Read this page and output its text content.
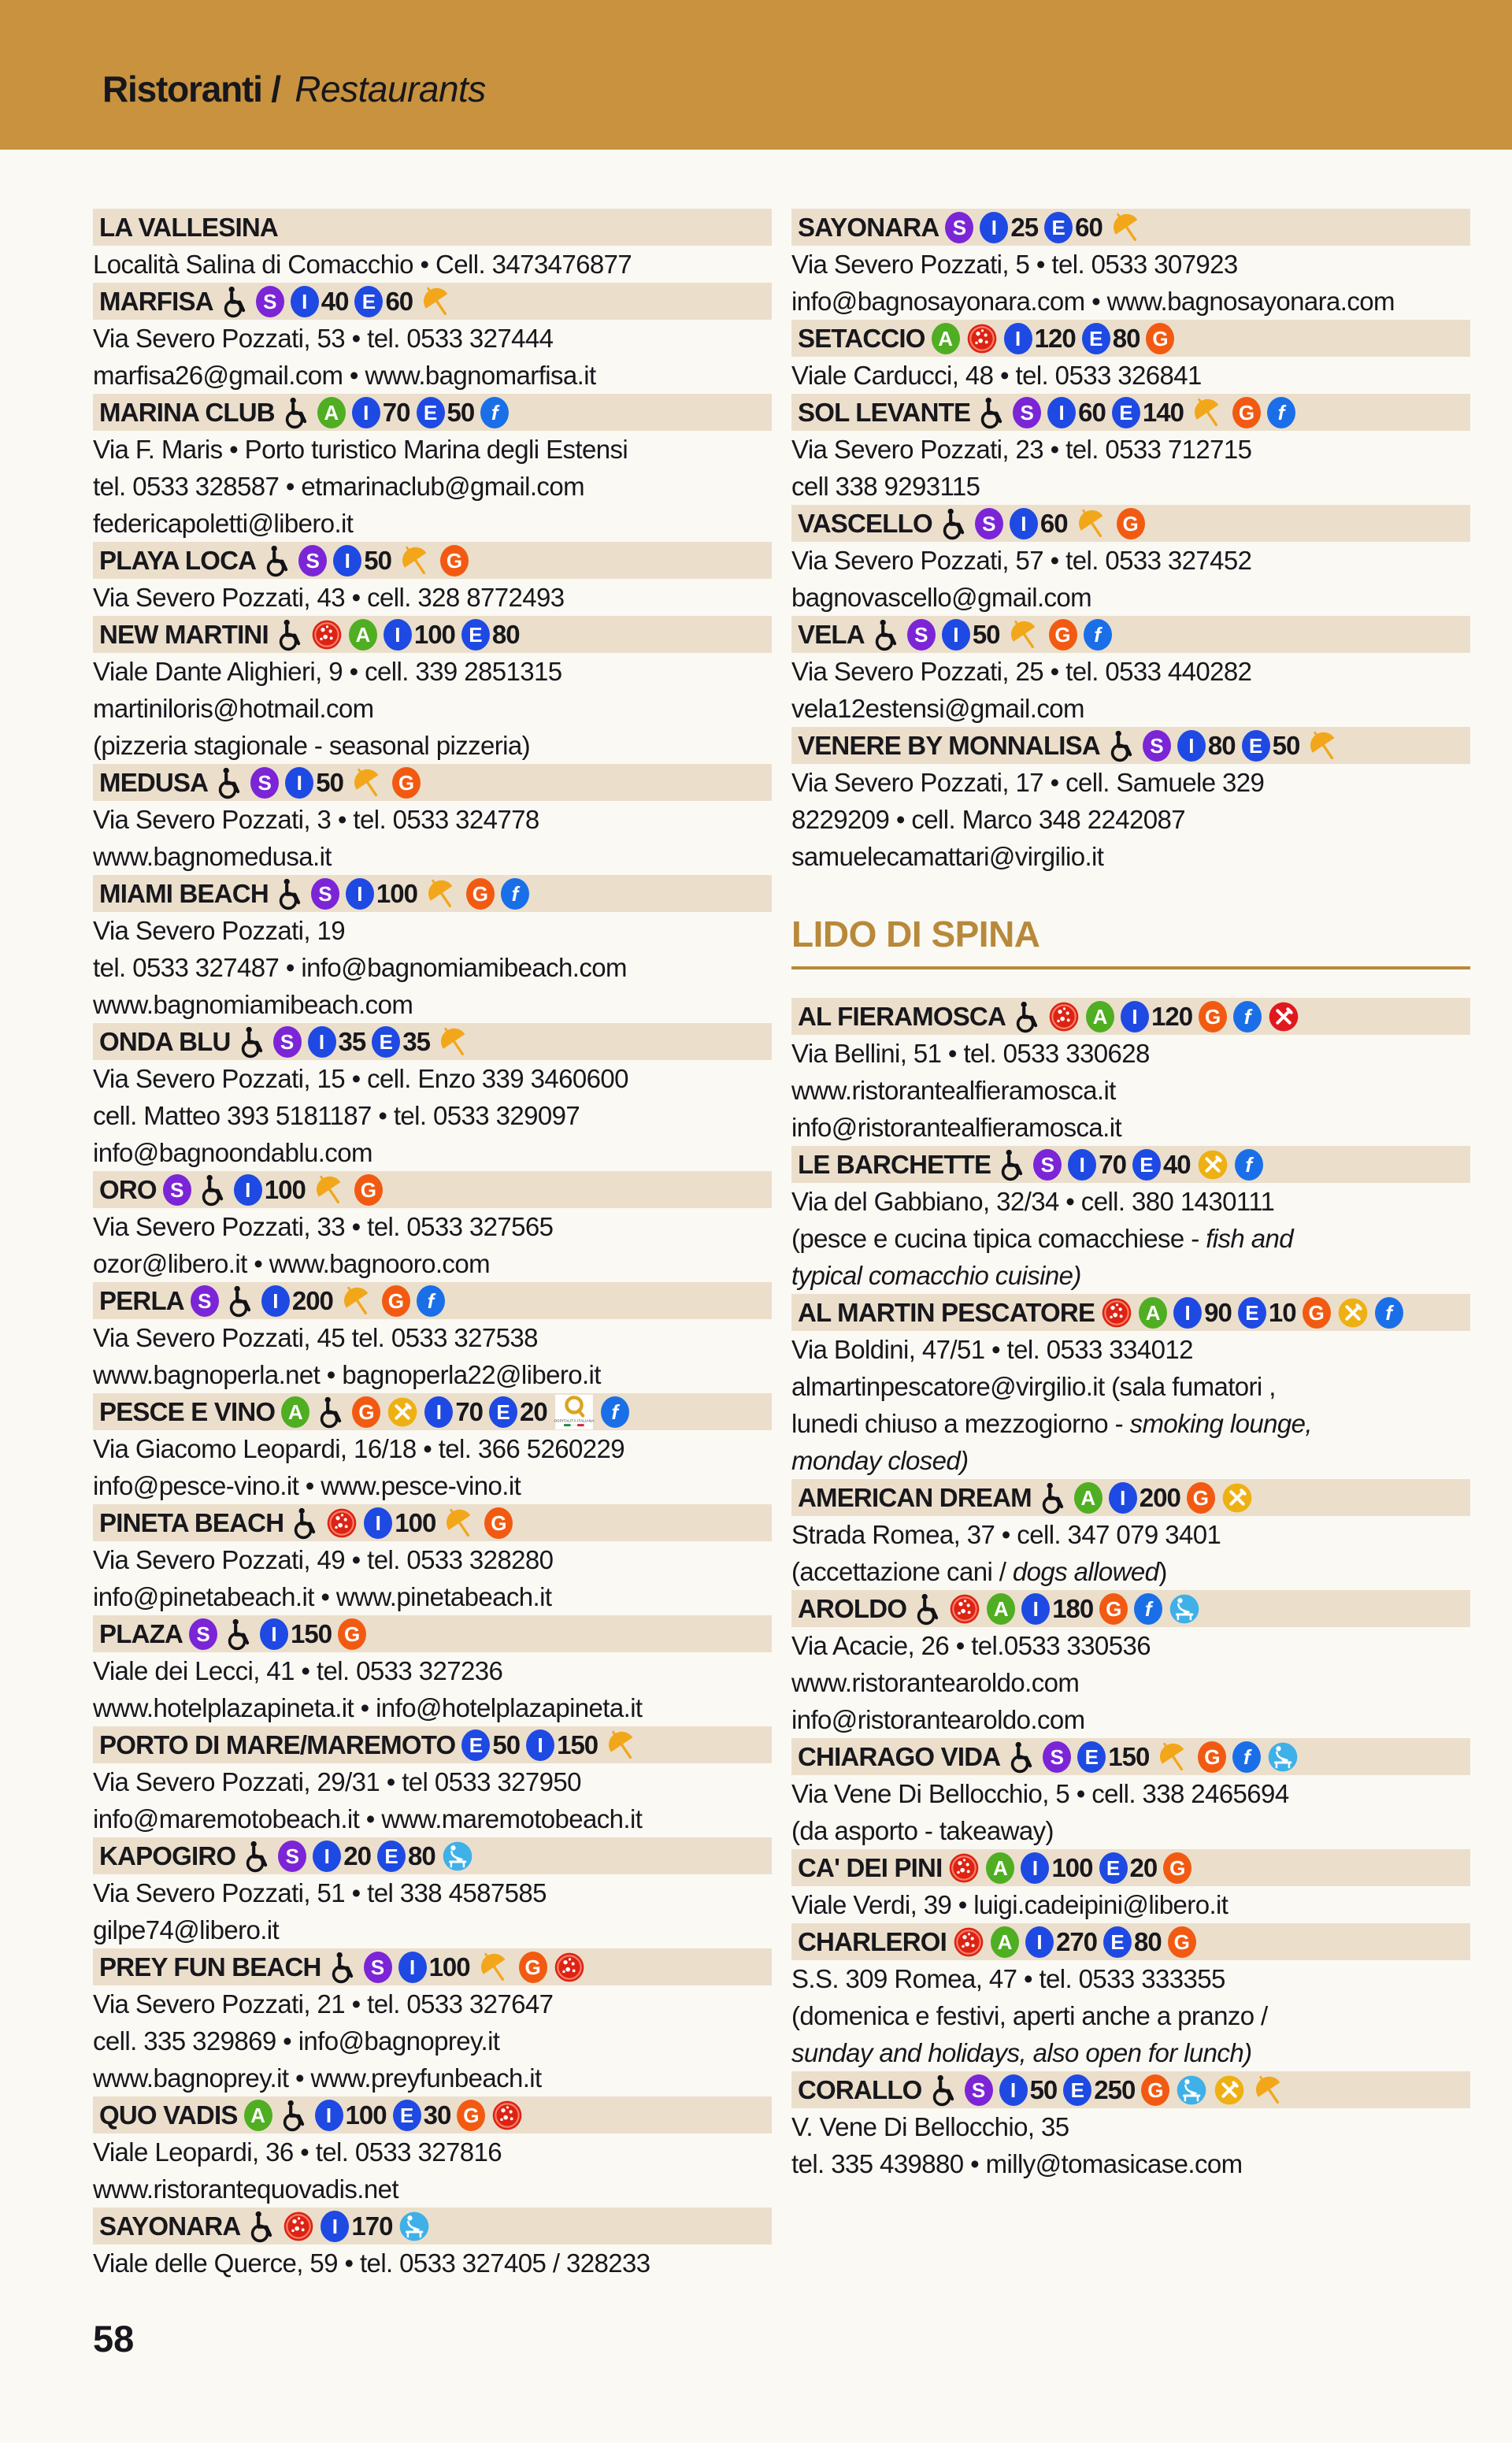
Ristoranti / Restaurants
LA VALLESINA
Località Salina di Comacchio • Cell. 3473476877
MARFISA S I 40 E 60
Via Severo Pozzati, 53 • tel. 0533 327444
marfisa26@gmail.com • www.bagnomarfisa.it
MARINA CLUB A I 70 E 50 f
Via F. Maris • Porto turistico Marina degli Estensi
tel. 0533 328587 • etmarinaclub@gmail.com
federicapoletti@libero.it
PLAYA LOCA S I 50	G
Via Severo Pozzati, 43 • cell. 328 8772493
NEW MARTINI	A I 100 E 80
Viale Dante Alighieri, 9 • cell. 339 2851315
martiniloris@hotmail.com
(pizzeria stagionale - seasonal pizzeria)
MEDUSA S I 50	G
Via Severo Pozzati, 3 • tel. 0533 324778
www.bagnomedusa.it
MIAMI BEACH S I 100	G f
Via Severo Pozzati, 19
tel. 0533 327487 • info@bagnomiamibeach.com
www.bagnomiamibeach.com
ONDA BLU S I 35 E 35
Via Severo Pozzati, 15 • cell. Enzo 339 3460600
cell. Matteo 393 5181187 • tel. 0533 329097
info@bagnoondablu.com
ORO S	I 100	G
Via Severo Pozzati, 33 • tel. 0533 327565
ozor@libero.it • www.bagnooro.com
PERLA S	I 200	G f
Via Severo Pozzati, 45 tel. 0533 327538
www.bagnoperla.net • bagnoperla22@libero.it
PESCE E VINO A	G	I 70 E 20	OSPITALITÀ ITALIANA f
Via Giacomo Leopardi, 16/18 • tel. 366 5260229
info@pesce-vino.it • www.pesce-vino.it
PINETA BEACH	I 100	G
Via Severo Pozzati, 49 • tel. 0533 328280
info@pinetabeach.it • www.pinetabeach.it
PLAZA S	I 150 G
Viale dei Lecci, 41 • tel. 0533 327236
www.hotelplazapineta.it • info@hotelplazapineta.it
PORTO DI MARE/MAREMOTO E 50 I 150
Via Severo Pozzati, 29/31 • tel 0533 327950
info@maremotobeach.it • www.maremotobeach.it
KAPOGIRO S I 20 E 80
Via Severo Pozzati, 51 • tel 338 4587585
gilpe74@libero.it
PREY FUN BEACH S I 100	G
Via Severo Pozzati, 21 • tel. 0533 327647
cell. 335 329869 • info@bagnoprey.it
www.bagnoprey.it • www.preyfunbeach.it
QUO VADIS A	I 100 E 30 G
Viale Leopardi, 36 • tel. 0533 327816
www.ristorantequovadis.net
SAYONARA	I 170
Viale delle Querce, 59 • tel. 0533 327405 / 328233
SAYONARA S I 25 E 60
Via Severo Pozzati, 5 • tel. 0533 307923
info@bagnosayonara.com • www.bagnosayonara.com
SETACCIO A	I 120 E 80 G
Viale Carducci, 48 • tel. 0533 326841
SOL LEVANTE S I 60 E 140	G f
Via Severo Pozzati, 23 • tel. 0533 712715
cell 338 9293115
VASCELLO S I 60	G
Via Severo Pozzati, 57 • tel. 0533 327452
bagnovascello@gmail.com
VELA S I 50	G f
Via Severo Pozzati, 25 • tel. 0533 440282
vela12estensi@gmail.com
VENERE BY MONNALISA S I 80 E 50
Via Severo Pozzati, 17 • cell. Samuele 329
8229209 • cell. Marco 348 2242087
samuelecamattari@virgilio.it
LIDO DI SPINA
AL FIERAMOSCA	A I 120 G f
Via Bellini, 51 • tel. 0533 330628
www.ristorantealfieramosca.it
info@ristorantealfieramosca.it
LE BARCHETTE S I 70 E 40	f
Via del Gabbiano, 32/34 • cell. 380 1430111
(pesce e cucina tipica comacchiese - fish and
typical comacchio cuisine)
AL MARTIN PESCATORE A I 90 E 10 G	f
Via Boldini, 47/51 • tel. 0533 334012
almartinpescatore@virgilio.it (sala fumatori ,
lunedi chiuso a mezzogiorno - smoking lounge,
monday closed)
AMERICAN DREAM A I 200 G
Strada Romea, 37 • cell. 347 079 3401
(accettazione cani / dogs allowed)
AROLDO	A I 180 G f
Via Acacie, 26 • tel.0533 330536
www.ristorantearoldo.com
info@ristorantearoldo.com
CHIARAGO VIDA S E 150	G f
Via Vene Di Bellocchio, 5 • cell. 338 2465694
(da asporto - takeaway)
CA' DEI PINI A I 100 E 20 G
Viale Verdi, 39 • luigi.cadeipini@libero.it
CHARLEROI A I 270 E 80 G
S.S. 309 Romea, 47 • tel. 0533 333355
(domenica e festivi, aperti anche a pranzo /
sunday and holidays, also open for lunch)
CORALLO S I 50 E 250 G
V. Vene Di Bellocchio, 35
tel. 335 439880 • milly@tomasicase.com
58
